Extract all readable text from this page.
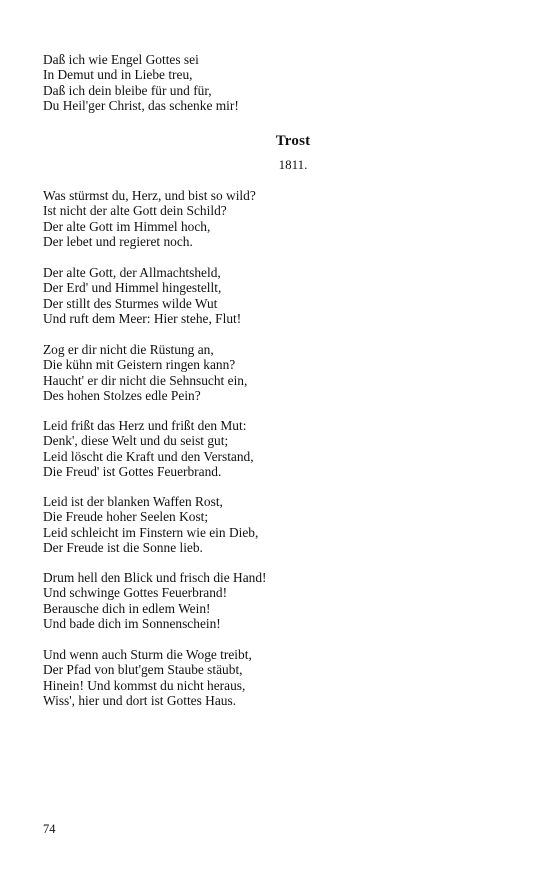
Daß ich wie Engel Gottes sei
In Demut und in Liebe treu,
Daß ich dein bleibe für und für,
Du Heil'ger Christ, das schenke mir!
Trost
1811.
Was stürmst du, Herz, und bist so wild?
Ist nicht der alte Gott dein Schild?
Der alte Gott im Himmel hoch,
Der lebet und regieret noch.
Der alte Gott, der Allmachtsheld,
Der Erd' und Himmel hingestellt,
Der stillt des Sturmes wilde Wut
Und ruft dem Meer: Hier stehe, Flut!
Zog er dir nicht die Rüstung an,
Die kühn mit Geistern ringen kann?
Haucht' er dir nicht die Sehnsucht ein,
Des hohen Stolzes edle Pein?
Leid frißt das Herz und frißt den Mut:
Denk', diese Welt und du seist gut;
Leid löscht die Kraft und den Verstand,
Die Freud' ist Gottes Feuerbrand.
Leid ist der blanken Waffen Rost,
Die Freude hoher Seelen Kost;
Leid schleicht im Finstern wie ein Dieb,
Der Freude ist die Sonne lieb.
Drum hell den Blick und frisch die Hand!
Und schwinge Gottes Feuerbrand!
Berausche dich in edlem Wein!
Und bade dich im Sonnenschein!
Und wenn auch Sturm die Woge treibt,
Der Pfad von blut'gem Staube stäubt,
Hinein! Und kommst du nicht heraus,
Wiss', hier und dort ist Gottes Haus.
74
